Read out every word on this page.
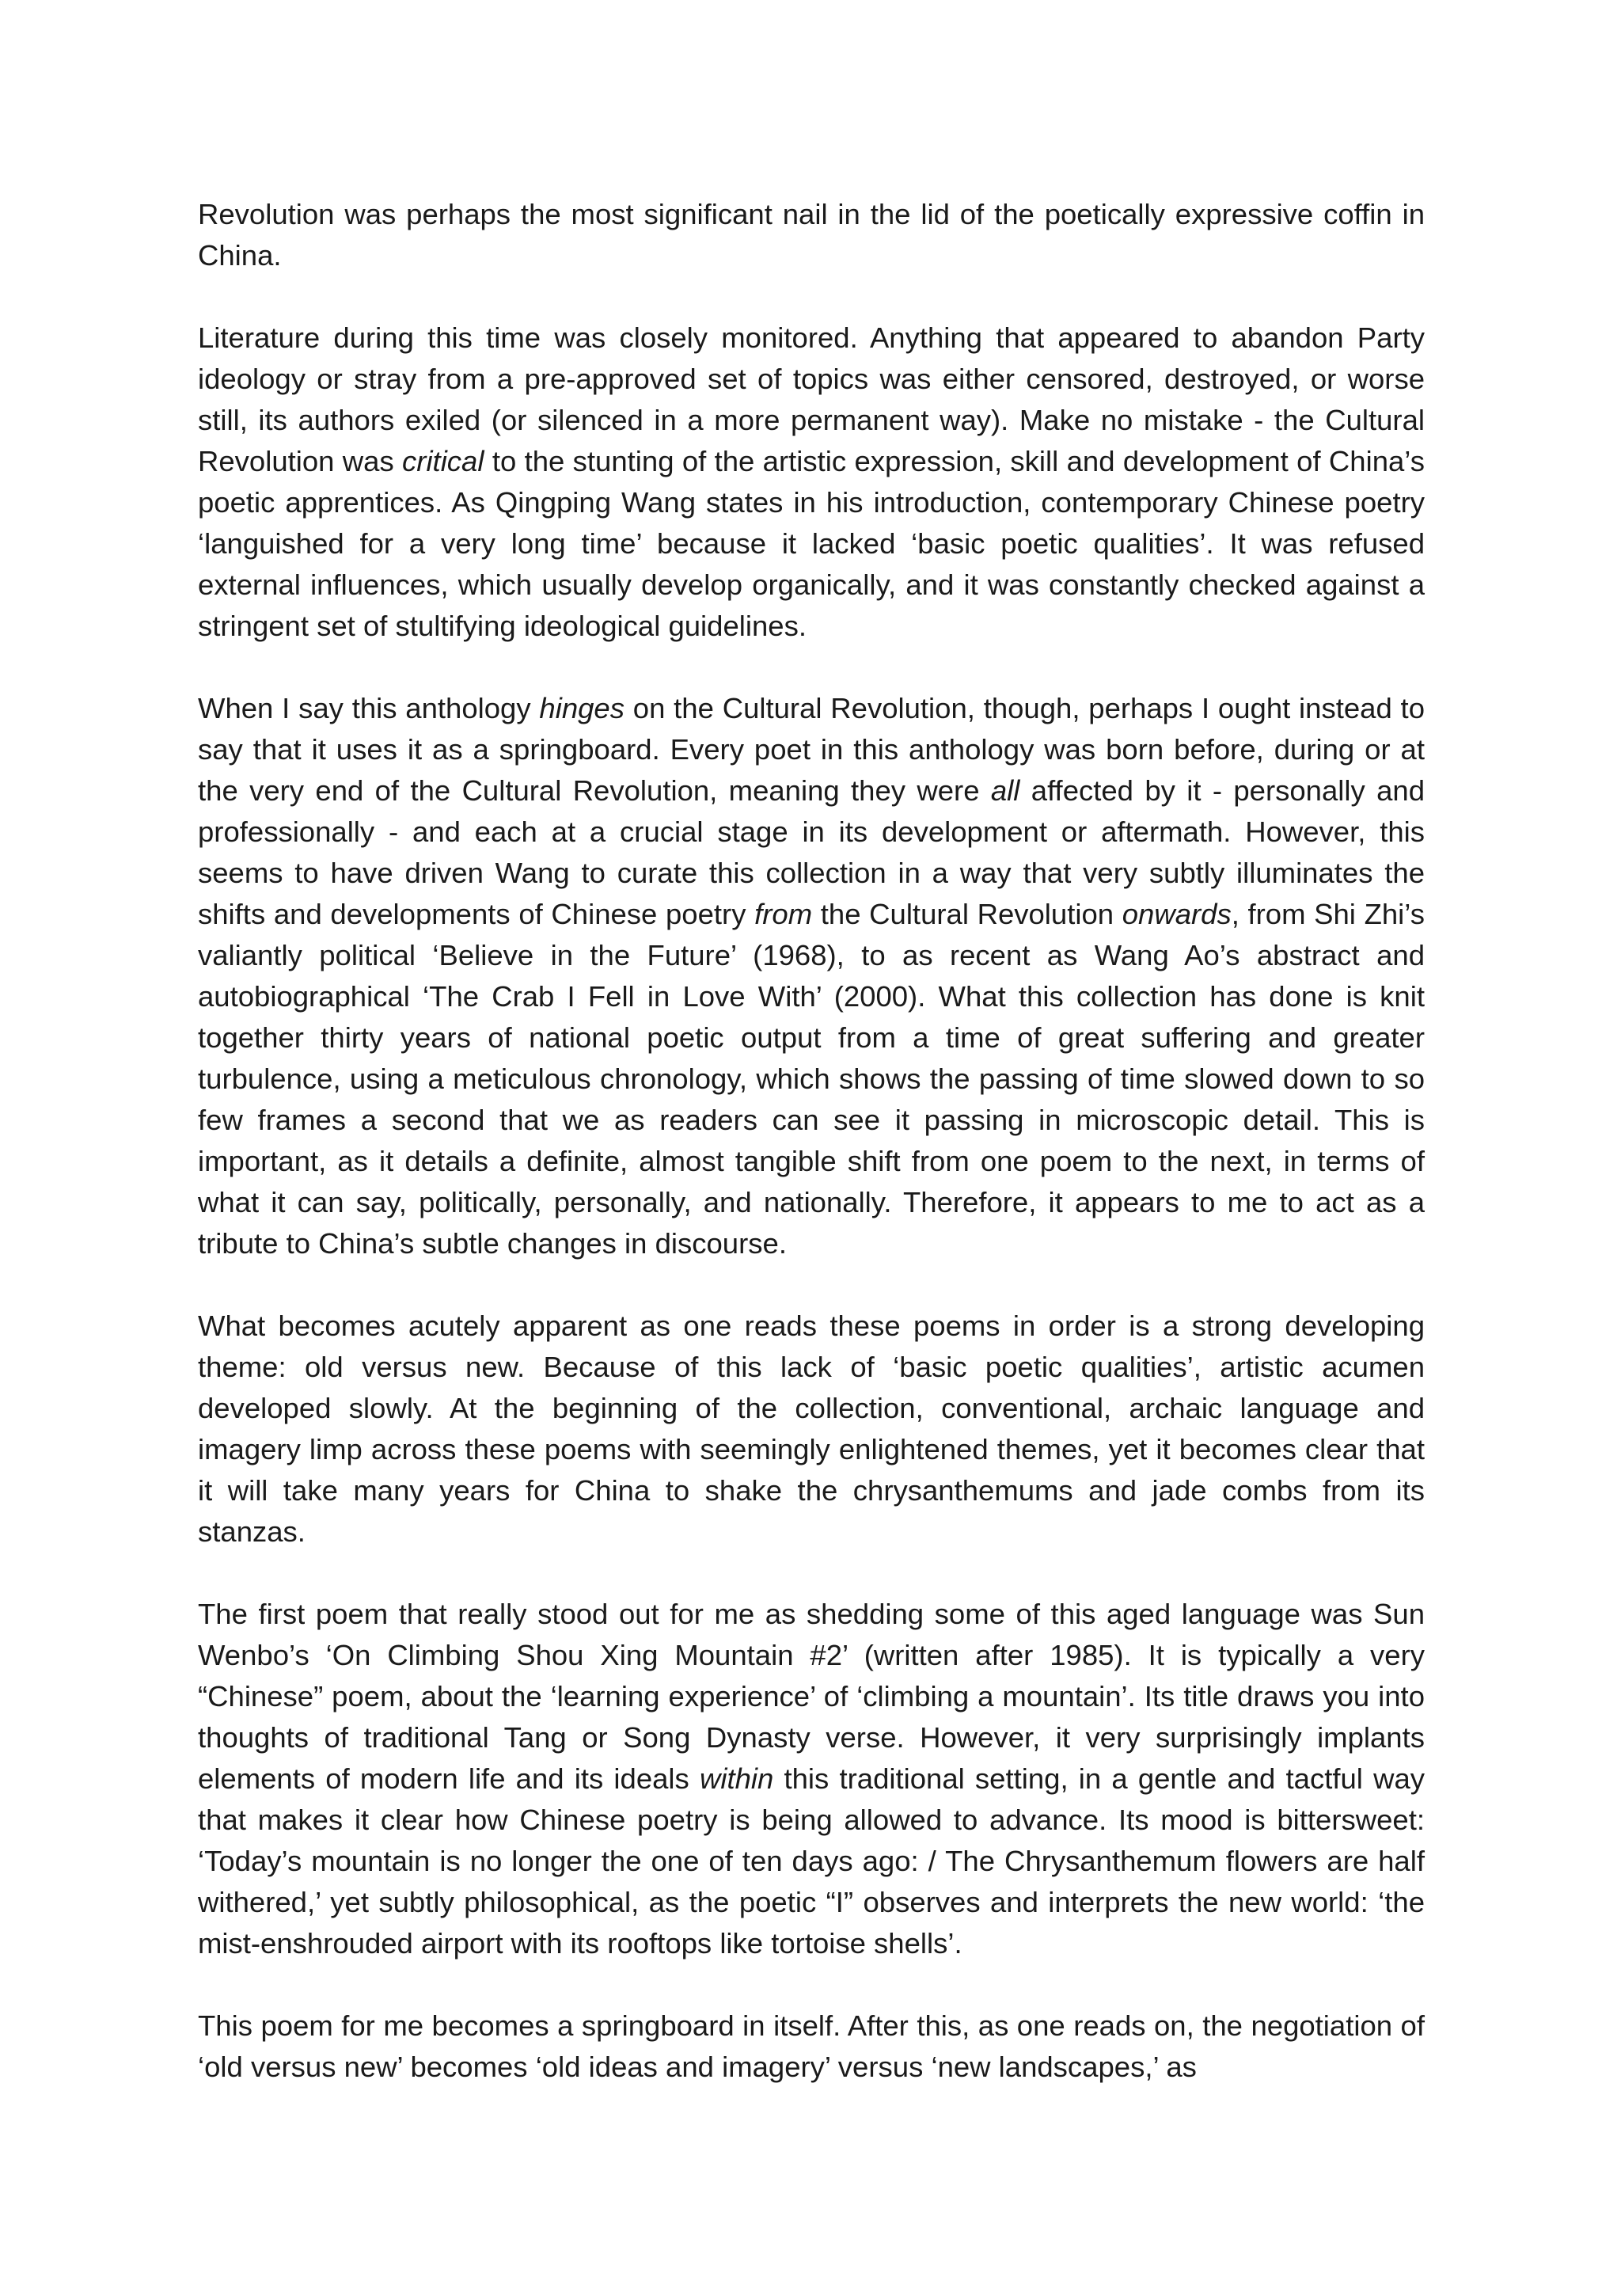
Revolution was perhaps the most significant nail in the lid of the poetically expressive coffin in China.

Literature during this time was closely monitored. Anything that appeared to abandon Party ideology or stray from a pre-approved set of topics was either censored, destroyed, or worse still, its authors exiled (or silenced in a more permanent way). Make no mistake - the Cultural Revolution was critical to the stunting of the artistic expression, skill and development of China’s poetic apprentices. As Qingping Wang states in his introduction, contemporary Chinese poetry ‘languished for a very long time’ because it lacked ‘basic poetic qualities’. It was refused external influences, which usually develop organically, and it was constantly checked against a stringent set of stultifying ideological guidelines.

When I say this anthology hinges on the Cultural Revolution, though, perhaps I ought instead to say that it uses it as a springboard. Every poet in this anthology was born before, during or at the very end of the Cultural Revolution, meaning they were all affected by it - personally and professionally - and each at a crucial stage in its development or aftermath. However, this seems to have driven Wang to curate this collection in a way that very subtly illuminates the shifts and developments of Chinese poetry from the Cultural Revolution onwards, from Shi Zhi’s valiantly political ‘Believe in the Future’ (1968), to as recent as Wang Ao’s abstract and autobiographical ‘The Crab I Fell in Love With’ (2000). What this collection has done is knit together thirty years of national poetic output from a time of great suffering and greater turbulence, using a meticulous chronology, which shows the passing of time slowed down to so few frames a second that we as readers can see it passing in microscopic detail. This is important, as it details a definite, almost tangible shift from one poem to the next, in terms of what it can say, politically, personally, and nationally. Therefore, it appears to me to act as a tribute to China’s subtle changes in discourse.

What becomes acutely apparent as one reads these poems in order is a strong developing theme: old versus new. Because of this lack of ‘basic poetic qualities’, artistic acumen developed slowly. At the beginning of the collection, conventional, archaic language and imagery limp across these poems with seemingly enlightened themes, yet it becomes clear that it will take many years for China to shake the chrysanthemums and jade combs from its stanzas.

The first poem that really stood out for me as shedding some of this aged language was Sun Wenbo’s ‘On Climbing Shou Xing Mountain #2’ (written after 1985). It is typically a very “Chinese” poem, about the ‘learning experience’ of ‘climbing a mountain’. Its title draws you into thoughts of traditional Tang or Song Dynasty verse. However, it very surprisingly implants elements of modern life and its ideals within this traditional setting, in a gentle and tactful way that makes it clear how Chinese poetry is being allowed to advance. Its mood is bittersweet: ‘Today’s mountain is no longer the one of ten days ago: / The Chrysanthemum flowers are half withered,’ yet subtly philosophical, as the poetic “I” observes and interprets the new world: ‘the mist-enshrouded airport with its rooftops like tortoise shells’.

This poem for me becomes a springboard in itself. After this, as one reads on, the negotiation of ‘old versus new’ becomes ‘old ideas and imagery’ versus ‘new landscapes,’ as
